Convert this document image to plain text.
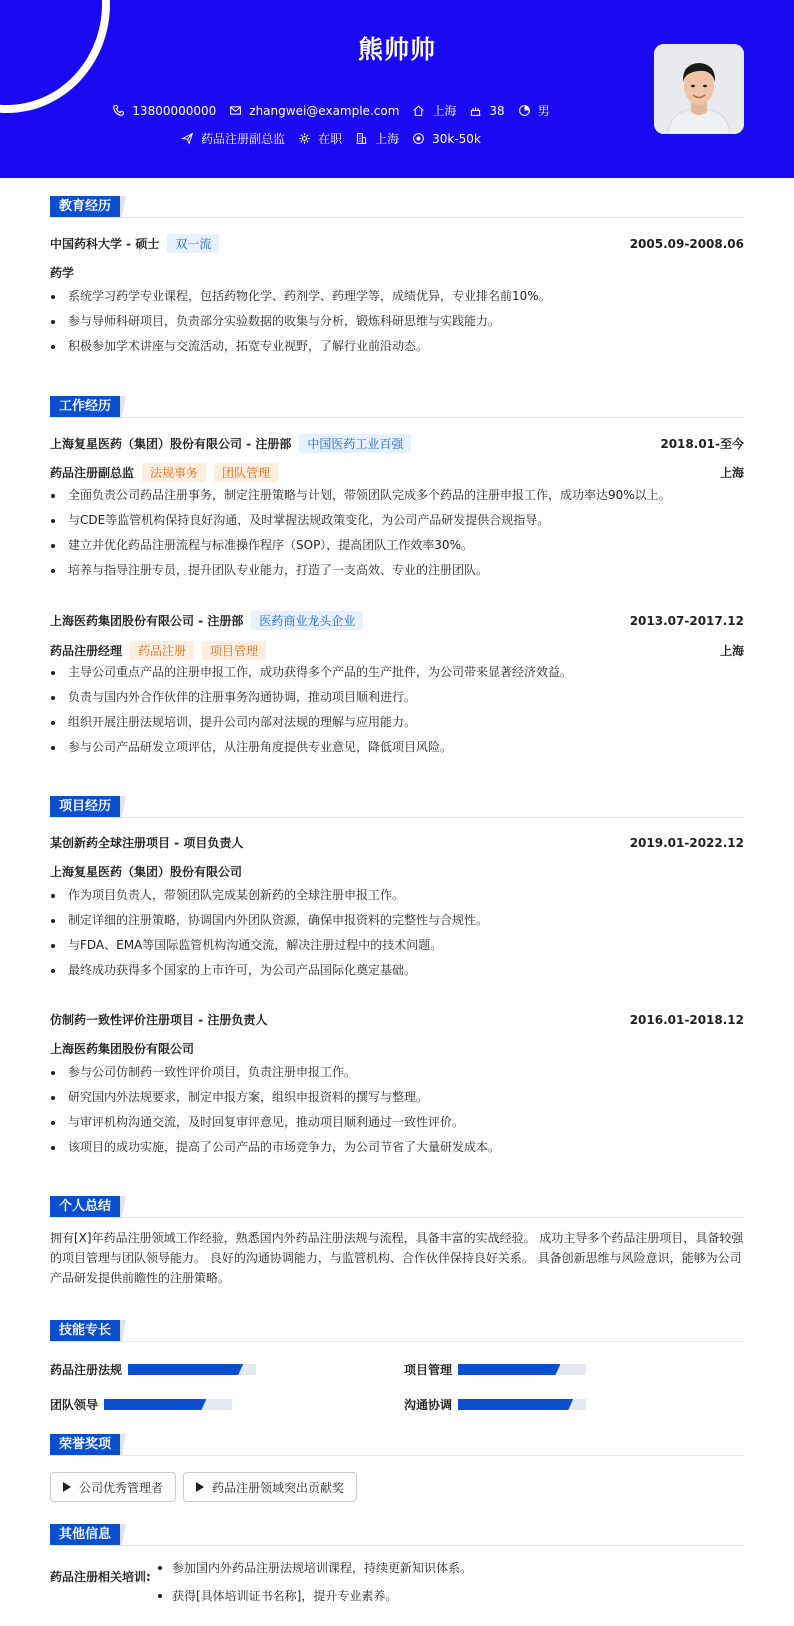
熊帅帅
13800000000	zhangwei@example.com	上海	38	男
药品注册副总监	在职	上海	30k-50k
教育经历
中国药科大学 - 硕士	双一流	2005.09-2008.06
药学
系统学习药学专业课程，包括药物化学、药剂学、药理学等，成绩优异，专业排名前10%。
参与导师科研项目，负责部分实验数据的收集与分析，锻炼科研思维与实践能力。
积极参加学术讲座与交流活动，拓宽专业视野，了解行业前沿动态。
工作经历
上海复星医药（集团）股份有限公司 - 注册部	中国医药工业百强	2018.01-至今
药品注册副总监	法规事务	团队管理	上海
全面负责公司药品注册事务，制定注册策略与计划，带领团队完成多个药品的注册申报工作，成功率达90%以上。
与CDE等监管机构保持良好沟通，及时掌握法规政策变化，为公司产品研发提供合规指导。
建立并优化药品注册流程与标准操作程序（SOP），提高团队工作效率30%。
培养与指导注册专员，提升团队专业能力，打造了一支高效、专业的注册团队。
上海医药集团股份有限公司 - 注册部	医药商业龙头企业	2013.07-2017.12
药品注册经理	药品注册	项目管理	上海
主导公司重点产品的注册申报工作，成功获得多个产品的生产批件，为公司带来显著经济效益。
负责与国内外合作伙伴的注册事务沟通协调，推动项目顺利进行。
组织开展注册法规培训，提升公司内部对法规的理解与应用能力。
参与公司产品研发立项评估，从注册角度提供专业意见，降低项目风险。
项目经历
某创新药全球注册项目 - 项目负责人	2019.01-2022.12
上海复星医药（集团）股份有限公司
作为项目负责人，带领团队完成某创新药的全球注册申报工作。
制定详细的注册策略，协调国内外团队资源，确保申报资料的完整性与合规性。
与FDA、EMA等国际监管机构沟通交流，解决注册过程中的技术问题。
最终成功获得多个国家的上市许可，为公司产品国际化奠定基础。
仿制药一致性评价注册项目 - 注册负责人	2016.01-2018.12
上海医药集团股份有限公司
参与公司仿制药一致性评价项目，负责注册申报工作。
研究国内外法规要求，制定申报方案，组织申报资料的撰写与整理。
与审评机构沟通交流，及时回复审评意见，推动项目顺利通过一致性评价。
该项目的成功实施，提高了公司产品的市场竞争力，为公司节省了大量研发成本。
个人总结
拥有[X]年药品注册领域工作经验，熟悉国内外药品注册法规与流程，具备丰富的实战经验。 成功主导多个药品注册项目，具备较强
的项目管理与团队领导能力。 良好的沟通协调能力，与监管机构、合作伙伴保持良好关系。 具备创新思维与风险意识，能够为公司
产品研发提供前瞻性的注册策略。
技能专长
药品注册法规	项目管理
团队领导	沟通协调
荣誉奖项
公司优秀管理者	药品注册领域突出贡献奖
其他信息
药品注册相关培训:
参加国内外药品注册法规培训课程，持续更新知识体系。
获得[具体培训证书名称]，提升专业素养。
